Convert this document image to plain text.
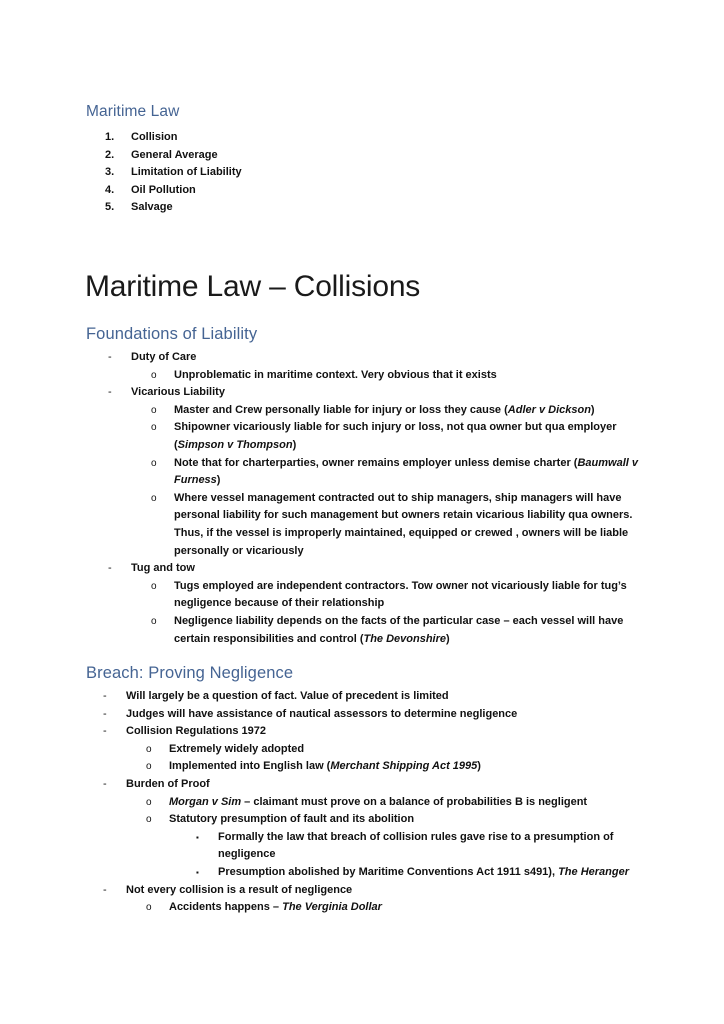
Maritime Law
1.	Collision
2.	General Average
3.	Limitation of Liability
4.	Oil Pollution
5.	Salvage
Maritime Law – Collisions
Foundations of Liability
- Duty of Care
o Unproblematic in maritime context. Very obvious that it exists
- Vicarious Liability
o Master and Crew personally liable for injury or loss they cause (Adler v Dickson)
o Shipowner vicariously liable for such injury or loss, not qua owner but qua employer (Simpson v Thompson)
o Note that for charterparties, owner remains employer unless demise charter (Baumwall v Furness)
o Where vessel management contracted out to ship managers, ship managers will have personal liability for such management but owners retain vicarious liability qua owners. Thus, if the vessel is improperly maintained, equipped or crewed , owners will be liable personally or vicariously
- Tug and tow
o Tugs employed are independent contractors. Tow owner not vicariously liable for tug’s negligence because of their relationship
o Negligence liability depends on the facts of the particular case – each vessel will have certain responsibilities and control (The Devonshire)
Breach: Proving Negligence
- Will largely be a question of fact. Value of precedent is limited
- Judges will have assistance of nautical assessors to determine negligence
- Collision Regulations 1972
o Extremely widely adopted
o Implemented into English law (Merchant Shipping Act 1995)
- Burden of Proof
o Morgan v Sim – claimant must prove on a balance of probabilities B is negligent
o Statutory presumption of fault and its abolition
▪ Formally the law that breach of collision rules gave rise to a presumption of negligence
▪ Presumption abolished by Maritime Conventions Act 1911 s491), The Heranger
- Not every collision is a result of negligence
o Accidents happens – The Verginia Dollar
